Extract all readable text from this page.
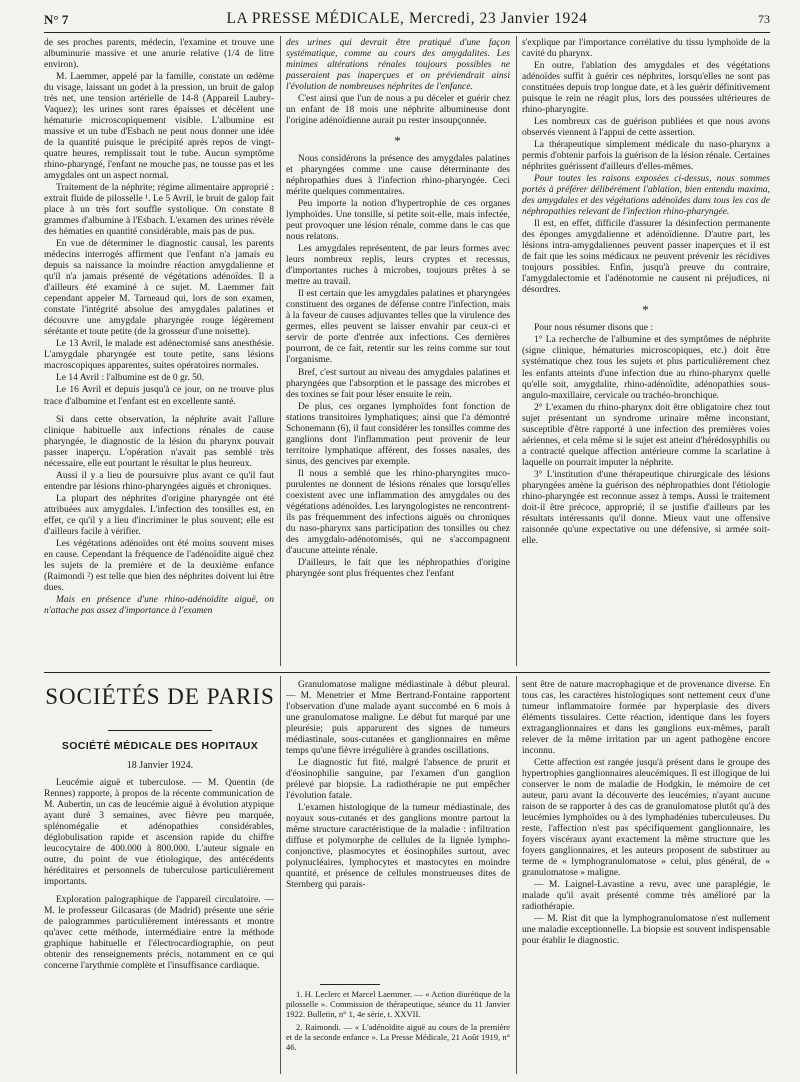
N° 7	LA PRESSE MÉDICALE, Mercredi, 23 Janvier 1924	73

de ses proches parents, médecin, l'examine et trouve une albuminurie massive et une anurie relative (1/4 de litre environ).

M. Laemmer, appelé par la famille, constate un œdème du visage, laissant un godet à la pression, un bruit de galop très net, une tension artérielle de 14-8 (Appareil Laubry-Vaquez); les urines sont rares épaisses et décèlent une hématurie microscopiquement visible. L'albumine est massive et un tube d'Esbach ne peut nous donner une idée de la quantité puisque le précipité après repos de vingt-quatre heures, remplissait tout le tube. Aucun symptôme rhino-pharyngé, l'enfant ne mouche pas, ne tousse pas et les amygdales ont un aspect normal.

Traitement de la néphrite; régime alimentaire approprié : extrait fluide de pilosselle ¹. Le 5 Avril, le bruit de galop fait place à un très fort souffle systolique. On constate 8 grammes d'albumine à l'Esbach. L'examen des urines révèle des hématies en quantité considérable, mais pas de pus.

En vue de déterminer le diagnostic causal, les parents médecins interrogés affirment que l'enfant n'a jamais eu depuis sa naissance la moindre réaction amygdalienne et qu'il n'a jamais présenté de végétations adénoïdes. Il a d'ailleurs été examiné à ce sujet. M. Laemmer fait cependant appeler M. Tarneaud qui, lors de son examen, constate l'intégrité absolue des amygdales palatines et découvre une amygdale pharyngée rouge légèrement sérétante et toute petite (de la grosseur d'une noisette).

Le 13 Avril, le malade est adénectomisé sans anesthésie. L'amygdale pharyngée est toute petite, sans lésions macroscopiques apparentes, suites opératoires normales.

Le 14 Avril : l'albumine est de 0 gr. 50.

Le 16 Avril et depuis jusqu'à ce jour, on ne trouve plus trace d'albumine et l'enfant est en excellente santé.

Si dans cette observation, la néphrite avait l'allure clinique habituelle aux infections rénales de cause pharyngée, le diagnostic de la lésion du pharynx pouvait passer inaperçu. L'opération n'avait pas semblé très nécessaire, elle eut pourtant le résultat le plus heureux.

Aussi il y a lieu de poursuivre plus avant ce qu'il faut entendre par lésions rhino-pharyngées aiguës et chroniques.

La plupart des néphrites d'origine pharyngée ont été attribuées aux amygdales. L'infection des tonsilles est, en effet, ce qu'il y a lieu d'incriminer le plus souvent; elle est d'ailleurs facile à vérifier.

Les végétations adénoïdes ont été moins souvent mises en cause. Cependant la fréquence de l'adénoïdite aiguë chez les sujets de la première et de la deuxième enfance (Raimondi ²) est telle que bien des néphrites doivent lui être dues.

Mais en présence d'une rhino-adénoïdite aiguë, on n'attache pas assez d'importance à l'examen

des urines qui devrait être pratiqué d'une façon systématique, comme au cours des amygdalites. Les minimes altérations rénales toujours possibles ne passeraient pas inaperçues et on préviendrait ainsi l'évolution de nombreuses néphrites de l'enfance.

C'est ainsi que l'un de nous a pu déceler et guérir chez un enfant de 18 mois une néphrite albumineuse dont l'origine adénoïdienne aurait pu rester insoupçonnée.

*

Nous considérons la présence des amygdales palatines et pharyngées comme une cause déterminante des néphropathies dues à l'infection rhino-pharyngée. Ceci mérite quelques commentaires.

Peu importe la notion d'hypertrophie de ces organes lymphoïdes. Une tonsille, si petite soit-elle, mais infectée, peut provoquer une lésion rénale, comme dans le cas que nous relatons.

Les amygdales représentent, de par leurs formes avec leurs nombreux replis, leurs cryptes et recessus, d'importantes ruches à microbes, toujours prêtes à se mettre au travail.

Il est certain que les amygdales palatines et pharyngées constituent des organes de défense contre l'infection, mais à la faveur de causes adjuvantes telles que la virulence des germes, elles peuvent se laisser envahir par ceux-ci et servir de porte d'entrée aux infections. Ces dernières pourront, de ce fait, retentir sur les reins comme sur tout l'organisme.

Bref, c'est surtout au niveau des amygdales palatines et pharyngées que l'absorption et le passage des microbes et des toxines se fait pour léser ensuite le rein.

De plus, ces organes lymphoïdes font fonction de stations transitoires lymphatiques; ainsi que l'a démontré Schonemann (6), il faut considérer les tonsilles comme des ganglions dont l'inflammation peut provenir de leur territoire lymphatique afférent, des fosses nasales, des sinus, des gencives par exemple.

Il nous a semblé que les rhino-pharyngites muco-purulentes ne donnent de lésions rénales que lorsqu'elles coexistent avec une inflammation des amygdales ou des végétations adénoïdes. Les laryngologistes ne rencontrent-ils pas fréquemment des infections aiguës ou chroniques du naso-pharynx sans participation des tonsilles ou chez des amygdalo-adénotomisés, qui ne s'accompagnent d'aucune atteinte rénale.

D'ailleurs, le fait que les néphropathies d'origine pharyngée sont plus fréquentes chez l'enfant

s'explique par l'importance corrélative du tissu lymphoïde de la cavité du pharynx.

En outre, l'ablation des amygdales et des végétations adénoïdes suffit à guérir ces néphrites, lorsqu'elles ne sont pas constituées depuis trop longue date, et à les guérir définitivement puisque le rein ne réagit plus, lors des poussées ultérieures de rhino-pharyngite.

Les nombreux cas de guérison publiées et que nous avons observés viennent à l'appui de cette assertion.

La thérapeutique simplement médicale du naso-pharynx a permis d'obtenir parfois la guérison de la lésion rénale. Certaines néphrites guérissent d'ailleurs d'elles-mêmes.

Pour toutes les raisons exposées ci-dessus, nous sommes portés à préférer délibérément l'ablation, bien entendu maxima, des amygdales et des végétations adénoïdes dans tous les cas de néphropathies relevant de l'infection rhino-pharyngée.

Il est, en effet, difficile d'assurer la désinfection permanente des éponges amygdalienne et adénoïdienne. D'autre part, les lésions intra-amygdaliennes peuvent passer inaperçues et il est de fait que les soins médicaux ne peuvent prévenir les récidives toujours possibles. Enfin, jusqu'à preuve du contraire, l'amygdalectomie et l'adénotomie ne causent ni préjudices, ni désordres.

*

Pour nous résumer disons que :

1° La recherche de l'albumine et des symptômes de néphrite (signe clinique, hématuries microscopiques, etc.) doit être systématique chez tous les sujets et plus particulièrement chez les enfants atteints d'une infection due au rhino-pharynx quelle qu'elle soit, amygdalite, rhino-adénoïdite, adénopathies sous-angulo-maxillaire, cervicale ou trachéo-bronchique.

2° L'examen du rhino-pharynx doit être obligatoire chez tout sujet présentant un syndrome urinaire même inconstant, susceptible d'être rapporté à une infection des premières voies aériennes, et cela même si le sujet est atteint d'hérédosyphilis ou a contracté quelque affection antérieure comme la scarlatine à laquelle on pourrait imputer la néphrite.

3° L'institution d'une thérapeutique chirurgicale des lésions pharyngées amène la guérison des néphropathies dont l'étiologie rhino-pharyngée est reconnue assez à temps. Aussi le traitement doit-il être précoce, approprié; il se justifie d'ailleurs par les résultats intéressants qu'il donne. Mieux vaut une offensive raisonnée qu'une expectative ou une défensive, si armée soit-elle.

SOCIÉTÉS DE PARIS
SOCIÉTÉ MÉDICALE DES HOPITAUX
18 Janvier 1924.

Leucémie aiguë et tuberculose. — M. Quentin (de Rennes) rapporte, à propos de la récente communication de M. Aubertin, un cas de leucémie aiguë à évolution atypique ayant duré 3 semaines, avec fièvre peu marquée, splénomégalie et adénopathies considérables, déglobulisation rapide et ascension rapide du chiffre leucocytaire de 400.000 à 800.000. L'auteur signale en outre, du point de vue étiologique, des antécédents héréditaires et personnels de tuberculose particulièrement importants.

Exploration palographique de l'appareil circulatoire. — M. le professeur Gilcasaras (de Madrid) présente une série de palogrammes particulièrement intéressants et montre qu'avec cette méthode, intermédiaire entre la méthode graphique habituelle et l'électrocardiographie, on peut obtenir des renseignements précis, notamment en ce qui concerne l'arythmie complète et l'insuffisance cardiaque.

Granulomatose maligne médiastinale à début pleural. — M. Menetrier et Mme Bertrand-Fontaine rapportent l'observation d'une malade ayant succombé en 6 mois à une granulomatose maligne. Le début fut marqué par une pleurésie; puis apparurent des signes de tumeurs médiastinale, sous-cutanées et ganglionnaires en même temps qu'une fièvre irrégulière à grandes oscillations.

Le diagnostic fut fité, malgré l'absence de prurit et d'éosinophilie sanguine, par l'examen d'un ganglion prélevé par biopsie. La radiothérapie ne put empêcher l'évolution fatale.

L'examen histologique de la tumeur médiastinale, des noyaux sous-cutanés et des ganglions montre partout la même structure caractéristique de la maladie : infiltration diffuse et polymorphe de cellules de la lignée lympho-conjonctive, plasmocytes et éosinophiles surtout, avec polynucléaires, lymphocytes et mastocytes en moindre quantité, et présence de cellules monstrueuses dites de Sternberg qui parais-

1. H. Leclerc et Marcel Laemmer. — « Action diurétique de la pilosselle ». Commission de thérapeutique, séance du 11 Janvier 1922. Bulletin, n° 1, 4e série, t. XXVII.

2. Raimondi. — « L'adénoïdite aiguë au cours de la première et de la seconde enfance ». La Presse Médicale, 21 Août 1919, n° 46.

sent être de nature macrophagique et de provenance diverse. En tous cas, les caractères histologiques sont nettement ceux d'une tumeur inflammatoire formée par hyperplasie des divers éléments tissulaires. Cette réaction, identique dans les foyers extraganglionnaires et dans les ganglions eux-mêmes, paraît relever de la même irritation par un agent pathogène encore inconnu.

Cette affection est rangée jusqu'à présent dans le groupe des hypertrophies ganglionnaires aleucémiques. Il est illogique de lui conserver le nom de maladie de Hodgkin, le mémoire de cet auteur, paru avant la découverte des leucémies, n'ayant aucune raison de se rapporter à des cas de granulomatose plutôt qu'à des leucémies lymphoïdes ou à des lymphadénies tuberculeuses. Du reste, l'affection n'est pas spécifiquement ganglionnaire, les foyers viscéraux ayant exactement la même structure que les foyers ganglionnaires, et les auteurs proposent de substituer au terme de « lymphogranulomatose » celui, plus général, de « granulomatose » maligne.

— M. Laignel-Lavastine a revu, avec une paraplégie, le malade qu'il avait présenté comme très amélioré par la radiothérapie.

— M. Rist dit que la lymphogranulomatose n'est nullement une maladie exceptionnelle. La biopsie est souvent indispensable pour établir le diagnostic.
